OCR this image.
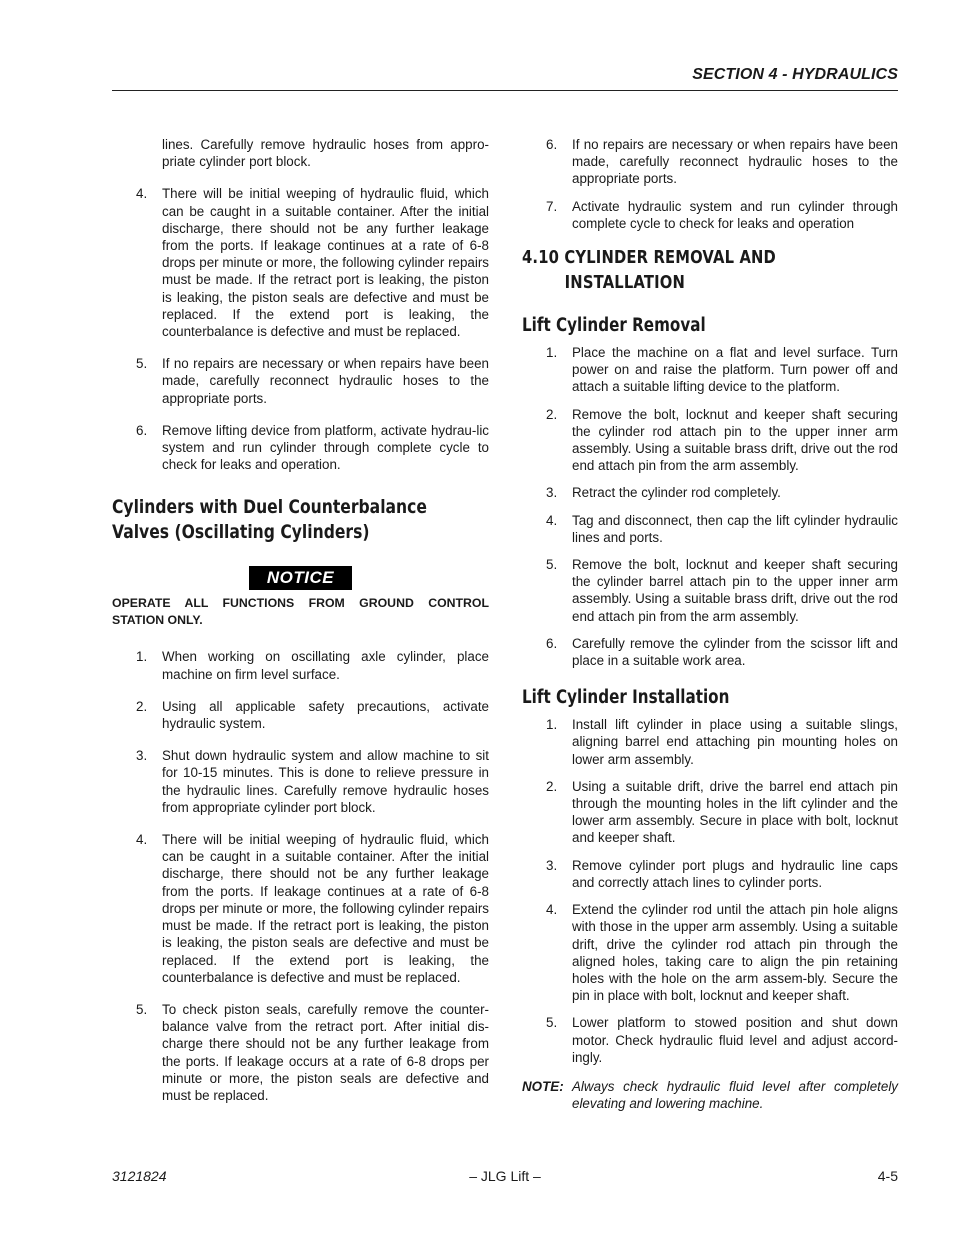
SECTION 4 - HYDRAULICS
lines. Carefully remove hydraulic hoses from appro-priate cylinder port block.
4. There will be initial weeping of hydraulic fluid, which can be caught in a suitable container. After the initial discharge, there should not be any further leakage from the ports. If leakage continues at a rate of 6-8 drops per minute or more, the following cylinder repairs must be made. If the retract port is leaking, the piston is leaking, the piston seals are defective and must be replaced. If the extend port is leaking, the counterbalance is defective and must be replaced.
5. If no repairs are necessary or when repairs have been made, carefully reconnect hydraulic hoses to the appropriate ports.
6. Remove lifting device from platform, activate hydrau-lic system and run cylinder through complete cycle to check for leaks and operation.
Cylinders with Duel Counterbalance Valves (Oscillating Cylinders)
NOTICE
OPERATE ALL FUNCTIONS FROM GROUND CONTROL STATION ONLY.
1. When working on oscillating axle cylinder, place machine on firm level surface.
2. Using all applicable safety precautions, activate hydraulic system.
3. Shut down hydraulic system and allow machine to sit for 10-15 minutes. This is done to relieve pressure in the hydraulic lines. Carefully remove hydraulic hoses from appropriate cylinder port block.
4. There will be initial weeping of hydraulic fluid, which can be caught in a suitable container. After the initial discharge, there should not be any further leakage from the ports. If leakage continues at a rate of 6-8 drops per minute or more, the following cylinder repairs must be made. If the retract port is leaking, the piston is leaking, the piston seals are defective and must be replaced. If the extend port is leaking, the counterbalance is defective and must be replaced.
5. To check piston seals, carefully remove the counter-balance valve from the retract port. After initial dis-charge there should not be any further leakage from the ports. If leakage occurs at a rate of 6-8 drops per minute or more, the piston seals are defective and must be replaced.
6. If no repairs are necessary or when repairs have been made, carefully reconnect hydraulic hoses to the appropriate ports.
7. Activate hydraulic system and run cylinder through complete cycle to check for leaks and operation
4.10 CYLINDER REMOVAL AND
INSTALLATION
Lift Cylinder Removal
1. Place the machine on a flat and level surface. Turn power on and raise the platform. Turn power off and attach a suitable lifting device to the platform.
2. Remove the bolt, locknut and keeper shaft securing the cylinder rod attach pin to the upper inner arm assembly. Using a suitable brass drift, drive out the rod end attach pin from the arm assembly.
3. Retract the cylinder rod completely.
4. Tag and disconnect, then cap the lift cylinder hydraulic lines and ports.
5. Remove the bolt, locknut and keeper shaft securing the cylinder barrel attach pin to the upper inner arm assembly. Using a suitable brass drift, drive out the rod end attach pin from the arm assembly.
6. Carefully remove the cylinder from the scissor lift and place in a suitable work area.
Lift Cylinder Installation
1. Install lift cylinder in place using a suitable slings, aligning barrel end attaching pin mounting holes on lower arm assembly.
2. Using a suitable drift, drive the barrel end attach pin through the mounting holes in the lift cylinder and the lower arm assembly. Secure in place with bolt, locknut and keeper shaft.
3. Remove cylinder port plugs and hydraulic line caps and correctly attach lines to cylinder ports.
4. Extend the cylinder rod until the attach pin hole aligns with those in the upper arm assembly. Using a suitable drift, drive the cylinder rod attach pin through the aligned holes, taking care to align the pin retaining holes with the hole on the arm assem-bly. Secure the pin in place with bolt, locknut and keeper shaft.
5. Lower platform to stowed position and shut down motor. Check hydraulic fluid level and adjust accord-ingly.
NOTE: Always check hydraulic fluid level after completely elevating and lowering machine.
3121824	– JLG Lift –	4-5
